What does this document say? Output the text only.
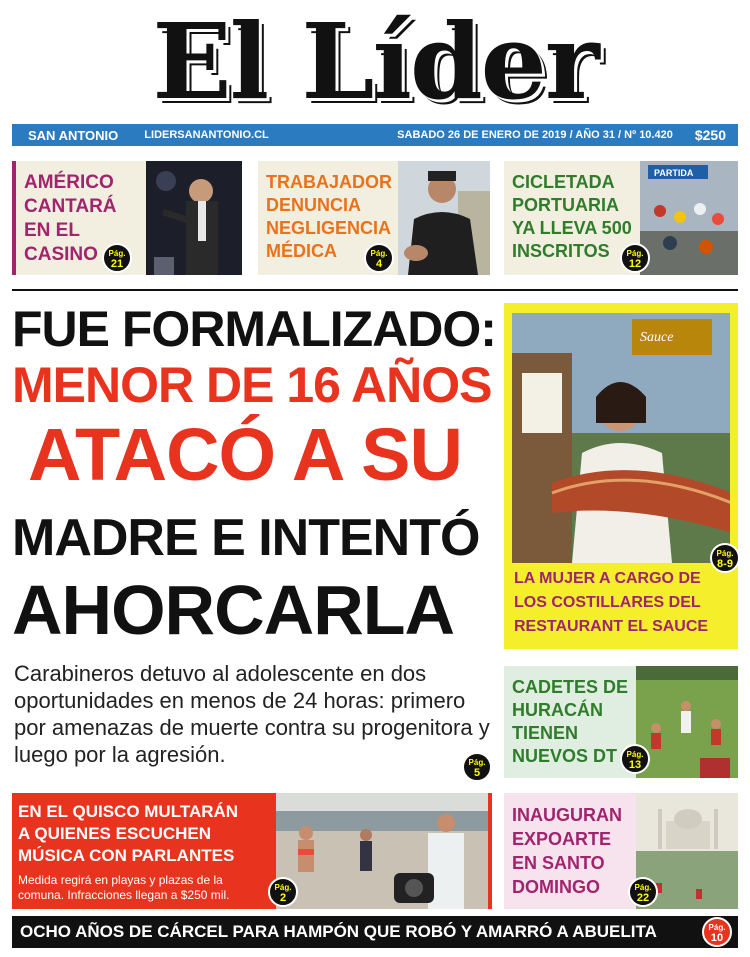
El Líder
SAN ANTONIO LIDERSANANTONIO.CL	SABADO 26 DE ENERO DE 2019 / AÑO 31 / Nº 10.420 $250
AMÉRICO
CANTARÁ
EN EL
CASINO	Pág.
21
TRABAJADOR
DENUNCIA
NEGLIGENCIA
MÉDICA	Pág.
4
CICLETADA
PORTUARIA
YA LLEVA 500
INSCRITOS
PARTIDA
Pág.
12
FUE FORMALIZADO:
MENOR DE 16 AÑOS
ATACÓ A SU
MADRE E INTENTÓ
AHORCARLA
Carabineros detuvo al adolescente en dos oportunidades en menos de 24 horas: primero por amenazas de muerte contra su progenitora y luego por la agresión.	Pág.
5
Sauce
Pág.
8-9
LA MUJER A CARGO DE
LOS COSTILLARES DEL
RESTAURANT EL SAUCE
CADETES DE
HURACÁN
TIENEN
NUEVOS DT	Pág.
13
EN EL QUISCO MULTARÁN
A QUIENES ESCUCHEN
MÚSICA CON PARLANTES
Medida regirá en playas y plazas de la
comuna. Infracciones llegan a $250 mil.
Pág.
2
INAUGURAN
EXPOARTE
EN SANTO
DOMINGO	Pág.
22
OCHO AÑOS DE CÁRCEL PARA HAMPÓN QUE ROBÓ Y AMARRÓ A ABUELITA	Pág.
10
